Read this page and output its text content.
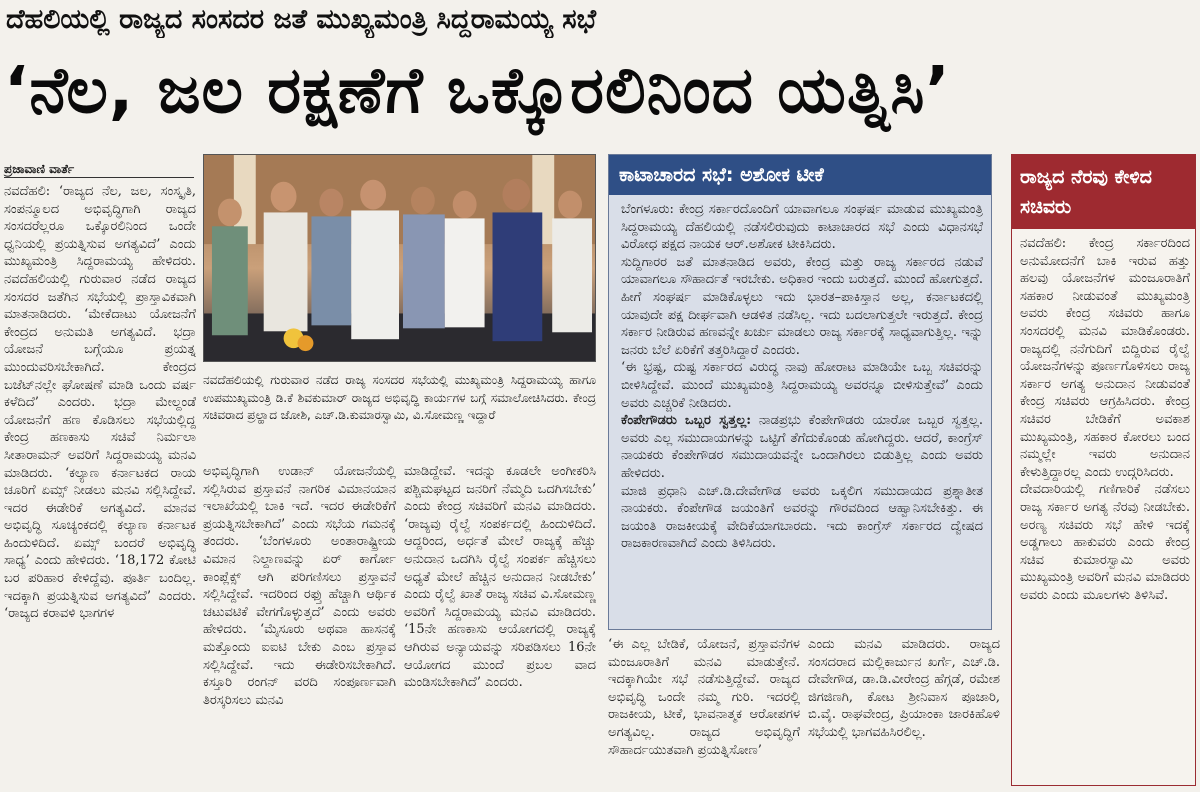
ದೆಹಲಿಯಲ್ಲಿ ರಾಜ್ಯದ ಸಂಸದರ ಜತೆ ಮುಖ್ಯಮಂತ್ರಿ ಸಿದ್ದರಾಮಯ್ಯ ಸಭೆ
‘ನೆಲ, ಜಲ ರಕ್ಷಣೆಗೆ ಒಕ್ಕೊರಲಿನಿಂದ ಯತ್ನಿಸಿ’
ಪ್ರಜಾವಾಣಿ ವಾರ್ತೆ
ನವದೆಹಲಿ: ‘ರಾಜ್ಯದ ನೆಲ, ಜಲ, ಸಂಸ್ಕೃತಿ, ಸಂಪನ್ಮೂಲದ ಅಭಿವೃದ್ಧಿಗಾಗಿ ರಾಜ್ಯದ ಸಂಸದರೆಲ್ಲರೂ ಒಕ್ಕೊರಲಿನಿಂದ ಒಂದೇ ಧ್ವನಿಯಲ್ಲಿ ಪ್ರಯತ್ನಿಸುವ ಅಗತ್ಯವಿದೆ’ ಎಂದು ಮುಖ್ಯಮಂತ್ರಿ ಸಿದ್ದರಾಮಯ್ಯ ಹೇಳಿದರು. ನವದೆಹಲಿಯಲ್ಲಿ ಗುರುವಾರ ನಡೆದ ರಾಜ್ಯದ ಸಂಸದರ ಜತೆಗಿನ ಸಭೆಯಲ್ಲಿ ಪ್ರಾಸ್ತಾವಿಕವಾಗಿ ಮಾತನಾಡಿದರು. ‘ಮೇಕೆದಾಟು ಯೋಜನೆಗೆ ಕೇಂದ್ರದ ಅನುಮತಿ ಅಗತ್ಯವಿದೆ. ಭದ್ರಾ ಯೋಜನೆ ಬಗ್ಗೆಯೂ ಪ್ರಯತ್ನ ಮುಂದುವರಿಸಬೇಕಾಗಿದೆ. ಕೇಂದ್ರದ ಬಜೆಟ್‌ನಲ್ಲೇ ಘೋಷಣೆ ಮಾಡಿ ಒಂದು ವರ್ಷ ಕಳೆದಿದೆ’ ಎಂದರು. ಭದ್ರಾ ಮೇಲ್ದಂಡೆ ಯೋಜನೆಗೆ ಹಣ ಕೊಡಿಸಲು ಸಭೆಯಲ್ಲಿದ್ದ ಕೇಂದ್ರ ಹಣಕಾಸು ಸಚಿವೆ ನಿರ್ಮಲಾ ಸೀತಾರಾಮನ್ ಅವರಿಗೆ ಸಿದ್ದರಾಮಯ್ಯ ಮನವಿ ಮಾಡಿದರು. ‘ಕಲ್ಯಾಣ ಕರ್ನಾಟಕದ ರಾಯ ಚೂರಿಗೆ ಏಮ್ಸ್ ನೀಡಲು ಮನವಿ ಸಲ್ಲಿಸಿದ್ದೇವೆ. ಇದರ ಈಡೇರಿಕೆ ಅಗತ್ಯವಿದೆ. ಮಾನವ ಅಭಿವೃದ್ಧಿ ಸೂಚ್ಯಂಕದಲ್ಲಿ ಕಲ್ಯಾಣ ಕರ್ನಾಟಕ ಹಿಂದುಳಿದಿದೆ. ಏಮ್ಸ್ ಬಂದರೆ ಅಭಿವೃದ್ಧಿ ಸಾಧ್ಯ’ ಎಂದು ಹೇಳಿದರು. ‘18,172 ಕೋಟಿ ಬರ ಪರಿಹಾರ ಕೇಳಿದ್ದೆವು. ಪೂರ್ತಿ ಬಂದಿಲ್ಲ. ಇದಕ್ಕಾಗಿ ಪ್ರಯತ್ನಿಸುವ ಅಗತ್ಯವಿದೆ’ ಎಂದರು. ‘ರಾಜ್ಯದ ಕರಾವಳಿ ಭಾಗಗಳ
ನವದೆಹಲಿಯಲ್ಲಿ ಗುರುವಾರ ನಡೆದ ರಾಜ್ಯ ಸಂಸದರ ಸಭೆಯಲ್ಲಿ ಮುಖ್ಯಮಂತ್ರಿ ಸಿದ್ದರಾಮಯ್ಯ ಹಾಗೂ ಉಪಮುಖ್ಯಮಂತ್ರಿ ಡಿ.ಕೆ ಶಿವಕುಮಾರ್ ರಾಜ್ಯದ ಅಭಿವೃದ್ಧಿ ಕಾರ್ಯಗಳ ಬಗ್ಗೆ ಸಮಾಲೋಚಿಸಿದರು. ಕೇಂದ್ರ ಸಚಿವರಾದ ಪ್ರಲ್ಹಾದ ಜೋಶಿ, ಎಚ್‌.ಡಿ.ಕುಮಾರಸ್ವಾಮಿ, ವಿ.ಸೋಮಣ್ಣ ಇದ್ದಾರೆ
ಅಭಿವೃದ್ಧಿಗಾಗಿ ಉಡಾನ್ ಯೋಜನೆಯಲ್ಲಿ ಸಲ್ಲಿಸಿರುವ ಪ್ರಸ್ತಾವನೆ ನಾಗರಿಕ ವಿಮಾನಯಾನ ಇಲಾಖೆಯಲ್ಲಿ ಬಾಕಿ ಇದೆ. ಇದರ ಈಡೇರಿಕೆಗೆ ಪ್ರಯತ್ನಿಸಬೇಕಾಗಿದೆ’ ಎಂದು ಸಭೆಯ ಗಮನಕ್ಕೆ ತಂದರು. ‘ಬೆಂಗಳೂರು ಅಂತಾರಾಷ್ಟ್ರೀಯ ವಿಮಾನ ನಿಲ್ದಾಣವನ್ನು ಏರ್ ಕಾರ್ಗೋ ಕಾಂಪ್ಲೆಕ್ಸ್ ಆಗಿ ಪರಿಗಣಿಸಲು ಪ್ರಸ್ತಾವನೆ ಸಲ್ಲಿಸಿದ್ದೇವೆ. ಇದರಿಂದ ರಫ್ತು ಹೆಚ್ಚಾಗಿ ಆರ್ಥಿಕ ಚಟುವಟಿಕೆ ವೇಗಗೊಳ್ಳುತ್ತದೆ’ ಎಂದು ಅವರು ಹೇಳಿದರು. ‘ಮೈಸೂರು ಅಥವಾ ಹಾಸನಕ್ಕೆ ಮತ್ತೊಂದು ಐಐಟಿ ಬೇಕು ಎಂಬ ಪ್ರಸ್ತಾವ ಸಲ್ಲಿಸಿದ್ದೇವೆ. ಇದು ಈಡೇರಿಸಬೇಕಾಗಿದೆ. ಕಸ್ತೂರಿ ರಂಗನ್ ವರದಿ ಸಂಪೂರ್ಣವಾಗಿ ತಿರಸ್ಕರಿಸಲು ಮನವಿ
ಮಾಡಿದ್ದೇವೆ. ಇದನ್ನು ಕೂಡಲೇ ಅಂಗೀಕರಿಸಿ ಪಶ್ಚಿಮಘಟ್ಟದ ಜನರಿಗೆ ನೆಮ್ಮದಿ ಒದಗಿಸಬೇಕು’ ಎಂದು ಕೇಂದ್ರ ಸಚಿವರಿಗೆ ಮನವಿ ಮಾಡಿದರು. ‘ರಾಜ್ಯವು ರೈಲ್ವೆ ಸಂಪರ್ಕದಲ್ಲಿ ಹಿಂದುಳಿದಿದೆ. ಆದ್ದರಿಂದ, ಅರ್ಧತೆ ಮೇಲೆ ರಾಜ್ಯಕ್ಕೆ ಹೆಚ್ಚು ಅನುದಾನ ಒದಗಿಸಿ ರೈಲ್ವೆ ಸಂಪರ್ಕ ಹೆಚ್ಚಿಸಲು ಅಧ್ಯತೆ ಮೇಲೆ ಹೆಚ್ಚಿನ ಅನುದಾನ ನೀಡಬೇಕು’ ಎಂದು ರೈಲ್ವೆ ಖಾತೆ ರಾಜ್ಯ ಸಚಿವ ವಿ.ಸೋಮಣ್ಣ ಅವರಿಗೆ ಸಿದ್ದರಾಮಯ್ಯ ಮನವಿ ಮಾಡಿದರು. ‘15ನೇ ಹಣಕಾಸು ಆಯೋಗದಲ್ಲಿ ರಾಜ್ಯಕ್ಕೆ ಆಗಿರುವ ಅನ್ಯಾಯವನ್ನು ಸರಿಪಡಿಸಲು 16ನೇ ಆಯೋಗದ ಮುಂದೆ ಪ್ರಬಲ ವಾದ ಮಂಡಿಸಬೇಕಾಗಿದೆ’ ಎಂದರು.
ಕಾಟಾಚಾರದ ಸಭೆ: ಅಶೋಕ ಟೀಕೆ

ಬೆಂಗಳೂರು: ಕೇಂದ್ರ ಸರ್ಕಾರದೊಂದಿಗೆ ಯಾವಾಗಲೂ ಸಂಘರ್ಷ ಮಾಡುವ ಮುಖ್ಯಮಂತ್ರಿ ಸಿದ್ದರಾಮಯ್ಯ ದೆಹಲಿಯಲ್ಲಿ ನಡೆಸಲಿರುವುದು ಕಾಟಾಚಾರದ ಸಭೆ ಎಂದು ವಿಧಾನಸಭೆ ವಿರೋಧ ಪಕ್ಷದ ನಾಯಕ ಆರ್‌.ಅಶೋಕ ಟೀಕಿಸಿದರು.

ಸುದ್ದಿಗಾರರ ಜತೆ ಮಾತನಾಡಿದ ಅವರು, ಕೇಂದ್ರ ಮತ್ತು ರಾಜ್ಯ ಸರ್ಕಾರದ ನಡುವೆ ಯಾವಾಗಲೂ ಸೌಹಾರ್ದತೆ ಇರಬೇಕು. ಅಧಿಕಾರ ಇಂದು ಬರುತ್ತದೆ. ಮುಂದೆ ಹೋಗುತ್ತದೆ. ಹೀಗೆ ಸಂಘರ್ಷ ಮಾಡಿಕೊಳ್ಳಲು ಇದು ಭಾರತ–ಪಾಕಿಸ್ತಾನ ಅಲ್ಲ, ಕರ್ನಾಟಕದಲ್ಲಿ ಯಾವುದೇ ಪಕ್ಷ ದೀರ್ಘವಾಗಿ ಆಡಳಿತ ನಡೆಸಿಲ್ಲ. ಇದು ಬದಲಾಗುತ್ತಲೇ ಇರುತ್ತದೆ. ಕೇಂದ್ರ ಸರ್ಕಾರ ನೀಡಿರುವ ಹಣವನ್ನೇ ಖರ್ಚು ಮಾಡಲು ರಾಜ್ಯ ಸರ್ಕಾರಕ್ಕೆ ಸಾಧ್ಯವಾಗುತ್ತಿಲ್ಲ. ಇನ್ನು ಜನರು ಬೆಲೆ ಏರಿಕೆಗೆ ತತ್ತರಿಸಿದ್ದಾರೆ ಎಂದರು.

‘ಈ ಭ್ರಷ್ಟ, ದುಷ್ಟ ಸರ್ಕಾರದ ವಿರುದ್ಧ ನಾವು ಹೋರಾಟ ಮಾಡಿಯೇ ಒಬ್ಬ ಸಚಿವರನ್ನು ಬೀಳಿಸಿದ್ದೇವೆ. ಮುಂದೆ ಮುಖ್ಯಮಂತ್ರಿ ಸಿದ್ದರಾಮಯ್ಯ ಅವರನ್ನೂ ಬೀಳಿಸುತ್ತೇವೆ’ ಎಂದು ಅವರು ಎಚ್ಚರಿಕೆ ನೀಡಿದರು.

ಕೆಂಪೇಗೌಡರು ಒಬ್ಬರ ಸ್ವತ್ತಲ್ಲ: ನಾಡಪ್ರಭು ಕೆಂಪೇಗೌಡರು ಯಾರೋ ಒಬ್ಬರ ಸ್ವತ್ತಲ್ಲ. ಅವರು ಎಲ್ಲ ಸಮುದಾಯಗಳನ್ನು ಒಟ್ಟಿಗೆ ತೆಗೆದುಕೊಂಡು ಹೋಗಿದ್ದರು. ಆದರೆ, ಕಾಂಗ್ರೆಸ್ ನಾಯಕರು ಕೆಂಪೇಗೌಡರ ಸಮುದಾಯವನ್ನೇ ಒಂದಾಗಿರಲು ಬಿಡುತ್ತಿಲ್ಲ ಎಂದು ಅವರು ಹೇಳಿದರು.

ಮಾಜಿ ಪ್ರಧಾನಿ ಎಚ್.ಡಿ.ದೇವೇಗೌಡ ಅವರು ಒಕ್ಕಲಿಗ ಸಮುದಾಯದ ಪ್ರಶ್ನಾತೀತ ನಾಯಕರು. ಕೆಂಪೇಗೌಡ ಜಯಂತಿಗೆ ಅವರನ್ನು ಗೌರವದಿಂದ ಆಹ್ವಾನಿಸಬೇಕಿತ್ತು. ಈ ಜಯಂತಿ ರಾಜಕೀಯಕ್ಕೆ ವೇದಿಕೆಯಾಗಬಾರದು. ಇದು ಕಾಂಗ್ರೆಸ್ ಸರ್ಕಾರದ ದ್ವೇಷದ ರಾಜಕಾರಣವಾಗಿದೆ ಎಂದು ತಿಳಿಸಿದರು.

‘ಈ ಎಲ್ಲ ಬೇಡಿಕೆ, ಯೋಜನೆ, ಪ್ರಸ್ತಾವನೆಗಳ ಮಂಜೂರಾತಿಗೆ ಮನವಿ ಮಾಡುತ್ತೇನೆ. ಇದಕ್ಕಾಗಿಯೇ ಸಭೆ ನಡೆಸುತ್ತಿದ್ದೇವೆ. ರಾಜ್ಯದ ಅಭಿವೃದ್ಧಿ ಒಂದೇ ನಮ್ಮ ಗುರಿ. ಇದರಲ್ಲಿ ರಾಜಕೀಯ, ಟೀಕೆ, ಭಾವನಾತ್ಮಕ ಆರೋಪಗಳ ಅಗತ್ಯವಿಲ್ಲ. ರಾಜ್ಯದ ಅಭಿವೃದ್ಧಿಗೆ ಸೌಹಾರ್ದಯುತವಾಗಿ ಪ್ರಯತ್ನಿಸೋಣ’
ಎಂದು ಮನವಿ ಮಾಡಿದರು. ರಾಜ್ಯದ ಸಂಸದರಾದ ಮಲ್ಲಿಕಾರ್ಜುನ ಖರ್ಗೆ, ಎಚ್‌.ಡಿ. ದೇವೇಗೌಡ, ಡಾ.ಡಿ.ವೀರೇಂದ್ರ ಹೆಗ್ಗಡೆ, ರಮೇಶ ಜಿಗಜಿಣಗಿ, ಕೋಟ ಶ್ರೀನಿವಾಸ ಪೂಜಾರಿ, ಬಿ.ವೈ. ರಾಘವೇಂದ್ರ, ಪ್ರಿಯಾಂಕಾ ಜಾರಕಿಹೊಳಿ ಸಭೆಯಲ್ಲಿ ಭಾಗವಹಿಸಿರಲಿಲ್ಲ.
ರಾಜ್ಯದ ನೆರವು ಕೇಳಿದ ಸಚಿವರು

ನವದೆಹಲಿ: ಕೇಂದ್ರ ಸರ್ಕಾರದಿಂದ ಅನುಮೋದನೆಗೆ ಬಾಕಿ ಇರುವ ಹತ್ತು ಹಲವು ಯೋಜನೆಗಳ ಮಂಜೂರಾತಿಗೆ ಸಹಕಾರ ನೀಡುವಂತೆ ಮುಖ್ಯಮಂತ್ರಿ ಅವರು ಕೇಂದ್ರ ಸಚಿವರು ಹಾಗೂ ಸಂಸದರಲ್ಲಿ ಮನವಿ ಮಾಡಿಕೊಂಡರು. ರಾಜ್ಯದಲ್ಲಿ ನನೆಗುದಿಗೆ ಬಿದ್ದಿರುವ ರೈಲ್ವೆ ಯೋಜನೆಗಳನ್ನು ಪೂರ್ಣಗೊಳಿಸಲು ರಾಜ್ಯ ಸರ್ಕಾರ ಅಗತ್ಯ ಅನುದಾನ ನೀಡುವಂತೆ ಕೇಂದ್ರ ಸಚಿವರು ಆಗ್ರಹಿಸಿದರು. ಕೇಂದ್ರ ಸಚಿವರ ಬೇಡಿಕೆಗೆ ಅವಕಾಶ ಮುಖ್ಯಮಂತ್ರಿ, ಸಹಕಾರ ಕೋರಲು ಬಂದ ನಮ್ಮಲ್ಲೇ ಇವರು ಅನುದಾನ ಕೇಳುತ್ತಿದ್ದಾರಲ್ಲ ಎಂದು ಉದ್ಗರಿಸಿದರು.

ದೇವದಾರಿಯಲ್ಲಿ ಗಣಿಗಾರಿಕೆ ನಡೆಸಲು ರಾಜ್ಯ ಸರ್ಕಾರ ಅಗತ್ಯ ನೆರವು ನೀಡಬೇಕು. ಅರಣ್ಯ ಸಚಿವರು ಸಭೆ ಹೇಳಿ ಇದಕ್ಕೆ ಅಡ್ಡಗಾಲು ಹಾಕುವರು ಎಂದು ಕೇಂದ್ರ ಸಚಿವ ಕುಮಾರಸ್ವಾಮಿ ಅವರು ಮುಖ್ಯಮಂತ್ರಿ ಅವರಿಗೆ ಮನವಿ ಮಾಡಿದರು ಅವರು ಎಂದು ಮೂಲಗಳು ತಿಳಿಸಿವೆ.
